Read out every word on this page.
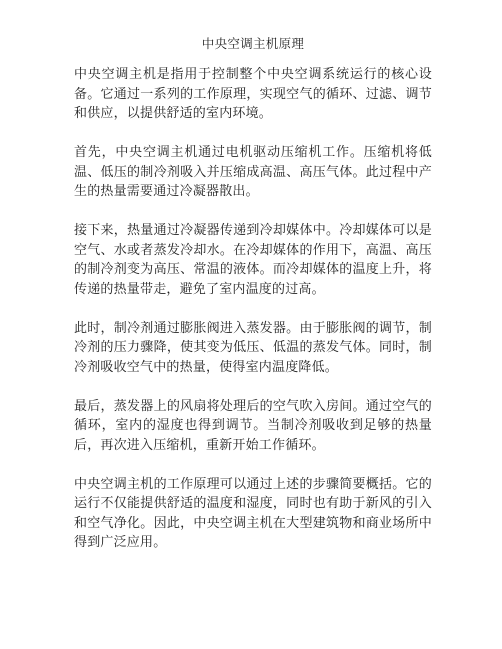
中央空调主机原理

中央空调主机是指用于控制整个中央空调系统运行的核心设备。它通过一系列的工作原理，实现空气的循环、过滤、调节和供应，以提供舒适的室内环境。

首先，中央空调主机通过电机驱动压缩机工作。压缩机将低温、低压的制冷剂吸入并压缩成高温、高压气体。此过程中产生的热量需要通过冷凝器散出。

接下来，热量通过冷凝器传递到冷却媒体中。冷却媒体可以是空气、水或者蒸发冷却水。在冷却媒体的作用下，高温、高压的制冷剂变为高压、常温的液体。而冷却媒体的温度上升，将传递的热量带走，避免了室内温度的过高。

此时，制冷剂通过膨胀阀进入蒸发器。由于膨胀阀的调节，制冷剂的压力骤降，使其变为低压、低温的蒸发气体。同时，制冷剂吸收空气中的热量，使得室内温度降低。

最后，蒸发器上的风扇将处理后的空气吹入房间。通过空气的循环，室内的湿度也得到调节。当制冷剂吸收到足够的热量后，再次进入压缩机，重新开始工作循环。

中央空调主机的工作原理可以通过上述的步骤简要概括。它的运行不仅能提供舒适的温度和湿度，同时也有助于新风的引入和空气净化。因此，中央空调主机在大型建筑物和商业场所中得到广泛应用。
